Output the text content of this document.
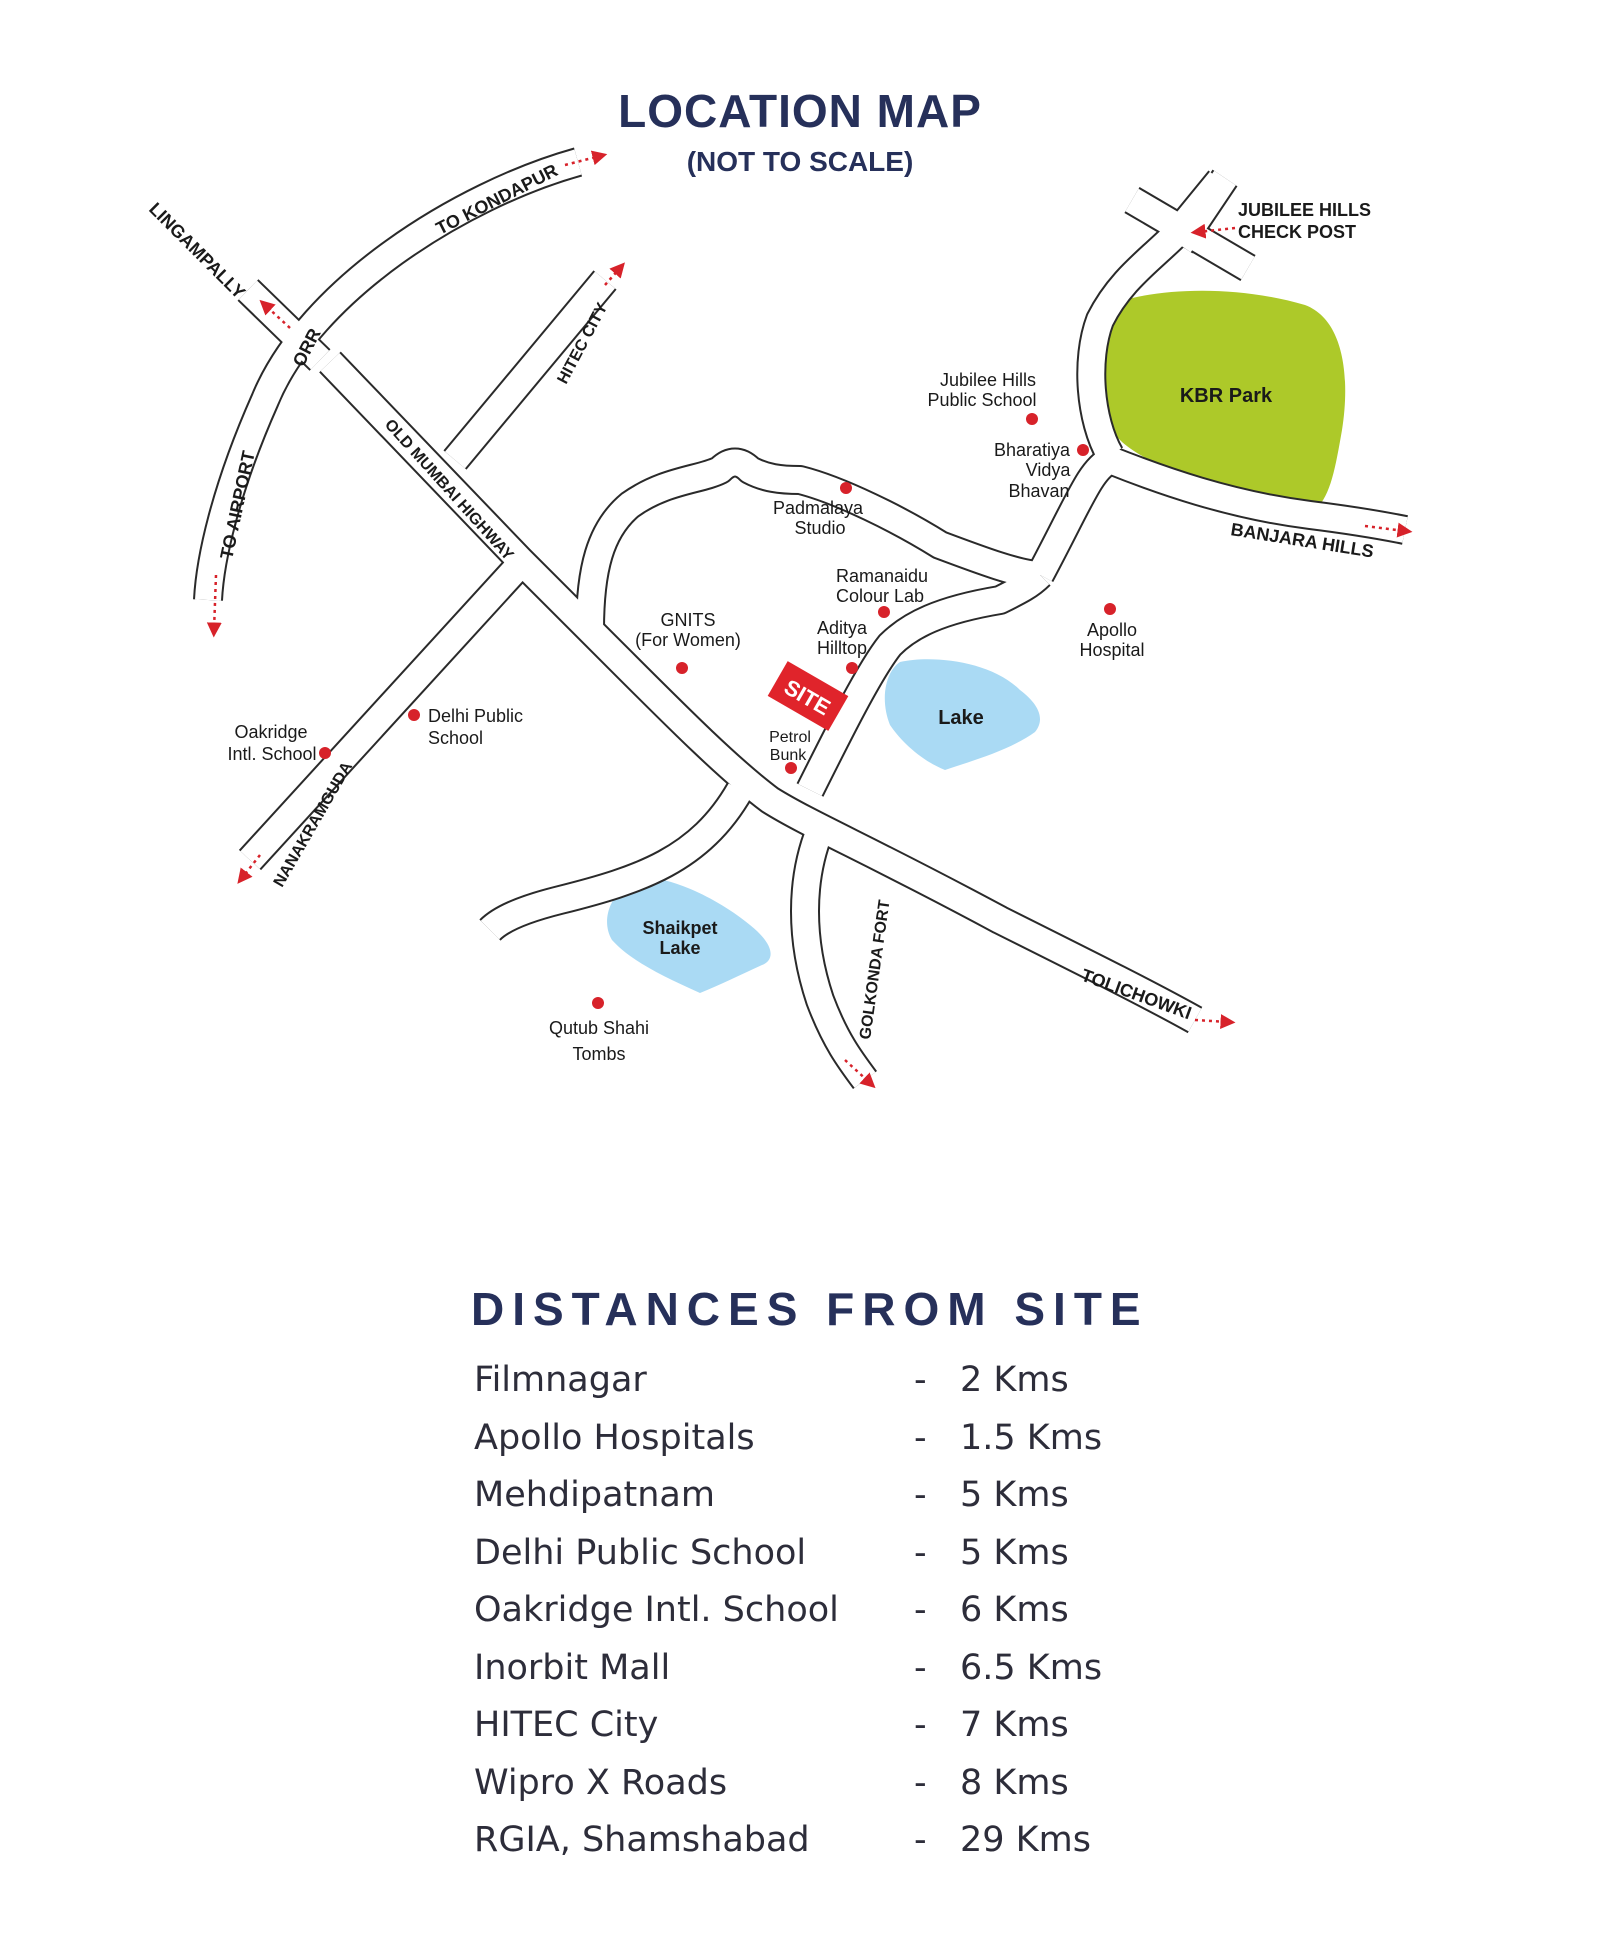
LOCATION MAP
(NOT TO SCALE)
SITE
TO KONDAPUR
LINGAMPALLY
ORR
TO AIRPORT	OLD MUMBAI HIGHWAY
HITEC CITY
NANAKRAMGUDA
GOLKONDA FORT	TOLICHOWKI
BANJARA HILLS
JUBILEE HILLS
CHECK POST
KBR Park
Lake
Shaikpet
Lake
Jubilee Hills
Public School
Bharatiya
Vidya
Bhavan
Padmalaya
Studio
Ramanaidu
Colour Lab
Aditya
Hilltop
GNITS
(For Women)	Apollo
Hospital
Petrol
Bunk
Delhi Public
School
Oakridge
Intl. School
Qutub Shahi
Tombs
DISTANCES FROM SITE
Filmnagar	- 2 Kms
Apollo Hospitals	- 1.5 Kms
Mehdipatnam	- 5 Kms
Delhi Public School	- 5 Kms
Oakridge Intl. School - 6 Kms
Inorbit Mall	- 6.5 Kms
HITEC City	- 7 Kms
Wipro X Roads	- 8 Kms
RGIA, Shamshabad	- 29 Kms
